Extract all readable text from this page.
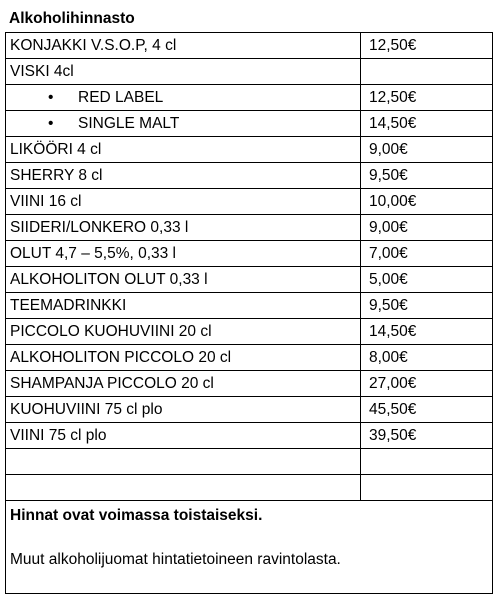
Alkoholihinnasto
KONJAKKI V.S.O.P, 4 cl	12,50€
VISKI 4cl	
• RED LABEL	12,50€
• SINGLE MALT	14,50€
LIKÖÖRI 4 cl	9,00€
SHERRY 8 cl	9,50€
VIINI 16 cl	10,00€
SIIDERI/LONKERO 0,33 l	9,00€
OLUT 4,7 – 5,5%, 0,33 l	7,00€
ALKOHOLITON OLUT 0,33 l	5,00€
TEEMADRINKKI	9,50€
PICCOLO KUOHUVIINI 20 cl	14,50€
ALKOHOLITON PICCOLO 20 cl	8,00€
SHAMPANJA PICCOLO 20 cl	27,00€
KUOHUVIINI 75 cl plo	45,50€
VIINI 75 cl plo	39,50€

Hinnat ovat voimassa toistaiseksi.
Muut alkoholijuomat hintatietoineen ravintolasta.	
